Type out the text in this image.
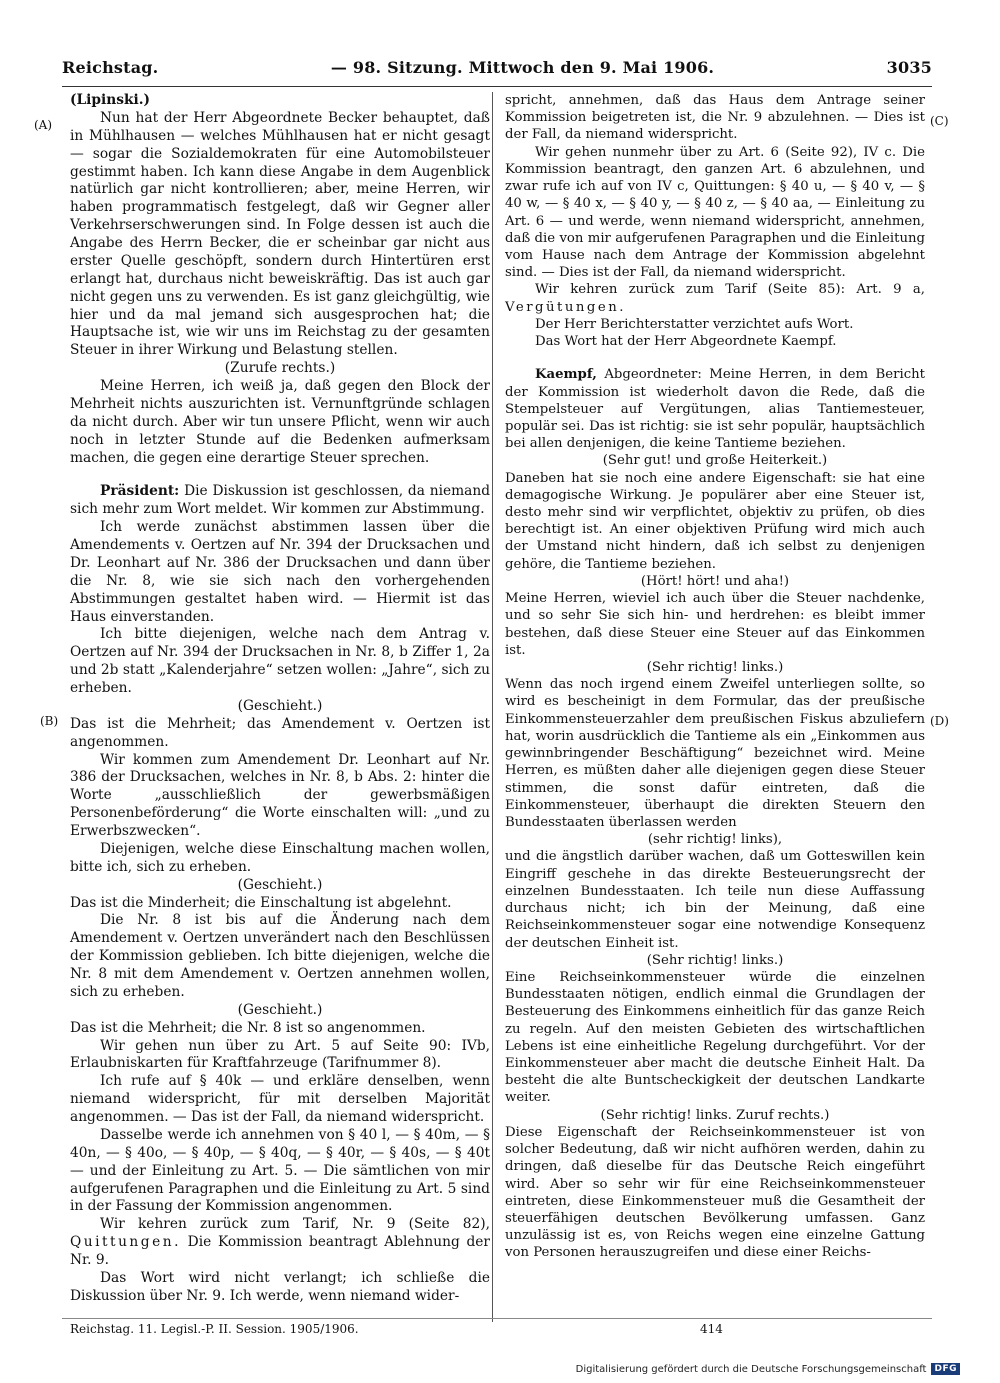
Reichstag.	— 98. Sitzung. Mittwoch den 9. Mai 1906.	3035
(A)
(B)
(C)
(D)

(Lipinski.)

Nun hat der Herr Abgeordnete Becker behauptet, daß in Mühlhausen — welches Mühlhausen hat er nicht gesagt — sogar die Sozialdemokraten für eine Automobilsteuer gestimmt haben. Ich kann diese Angabe in dem Augenblick natürlich gar nicht kontrollieren; aber, meine Herren, wir haben programmatisch festgelegt, daß wir Gegner aller Verkehrserschwerungen sind. In Folge dessen ist auch die Angabe des Herrn Becker, die er scheinbar gar nicht aus erster Quelle geschöpft, sondern durch Hintertüren erst erlangt hat, durchaus nicht beweiskräftig. Das ist auch gar nicht gegen uns zu verwenden. Es ist ganz gleichgültig, wie hier und da mal jemand sich ausgesprochen hat; die Hauptsache ist, wie wir uns im Reichstag zu der gesamten Steuer in ihrer Wirkung und Belastung stellen.

(Zurufe rechts.)

Meine Herren, ich weiß ja, daß gegen den Block der Mehrheit nichts auszurichten ist. Vernunftgründe schlagen da nicht durch. Aber wir tun unsere Pflicht, wenn wir auch noch in letzter Stunde auf die Bedenken aufmerksam machen, die gegen eine derartige Steuer sprechen.

Präsident: Die Diskussion ist geschlossen, da niemand sich mehr zum Wort meldet. Wir kommen zur Abstimmung.

Ich werde zunächst abstimmen lassen über die Amendements v. Oertzen auf Nr. 394 der Drucksachen und Dr. Leonhart auf Nr. 386 der Drucksachen und dann über die Nr. 8, wie sie sich nach den vorhergehenden Abstimmungen gestaltet haben wird. — Hiermit ist das Haus einverstanden.

Ich bitte diejenigen, welche nach dem Antrag v. Oertzen auf Nr. 394 der Drucksachen in Nr. 8, b Ziffer 1, 2a und 2b statt „Kalenderjahre“ setzen wollen: „Jahre“, sich zu erheben.

(Geschieht.)

Das ist die Mehrheit; das Amendement v. Oertzen ist angenommen.

Wir kommen zum Amendement Dr. Leonhart auf Nr. 386 der Drucksachen, welches in Nr. 8, b Abs. 2: hinter die Worte „ausschließlich der gewerbsmäßigen Personenbeförderung“ die Worte einschalten will: „und zu Erwerbszwecken“.

Diejenigen, welche diese Einschaltung machen wollen, bitte ich, sich zu erheben.

(Geschieht.)

Das ist die Minderheit; die Einschaltung ist abgelehnt.

Die Nr. 8 ist bis auf die Änderung nach dem Amendement v. Oertzen unverändert nach den Beschlüssen der Kommission geblieben. Ich bitte diejenigen, welche die Nr. 8 mit dem Amendement v. Oertzen annehmen wollen, sich zu erheben.

(Geschieht.)

Das ist die Mehrheit; die Nr. 8 ist so angenommen.

Wir gehen nun über zu Art. 5 auf Seite 90: IVb, Erlaubniskarten für Kraftfahrzeuge (Tarifnummer 8).

Ich rufe auf § 40k — und erkläre denselben, wenn niemand widerspricht, für mit derselben Majorität angenommen. — Das ist der Fall, da niemand widerspricht.

Dasselbe werde ich annehmen von § 40 l, — § 40m, — § 40n, — § 40o, — § 40p, — § 40q, — § 40r, — § 40s, — § 40t — und der Einleitung zu Art. 5. — Die sämtlichen von mir aufgerufenen Paragraphen und die Einleitung zu Art. 5 sind in der Fassung der Kommission angenommen.

Wir kehren zurück zum Tarif, Nr. 9 (Seite 82), Quittungen. Die Kommission beantragt Ablehnung der Nr. 9.

Das Wort wird nicht verlangt; ich schließe die Diskussion über Nr. 9. Ich werde, wenn niemand wider-

spricht, annehmen, daß das Haus dem Antrage seiner Kommission beigetreten ist, die Nr. 9 abzulehnen. — Dies ist der Fall, da niemand widerspricht.

Wir gehen nunmehr über zu Art. 6 (Seite 92), IV c. Die Kommission beantragt, den ganzen Art. 6 abzulehnen, und zwar rufe ich auf von IV c, Quittungen: § 40 u, — § 40 v, — § 40 w, — § 40 x, — § 40 y, — § 40 z, — § 40 aa, — Einleitung zu Art. 6 — und werde, wenn niemand widerspricht, annehmen, daß die von mir aufgerufenen Paragraphen und die Einleitung vom Hause nach dem Antrage der Kommission abgelehnt sind. — Dies ist der Fall, da niemand widerspricht.

Wir kehren zurück zum Tarif (Seite 85): Art. 9 a, Vergütungen.

Der Herr Berichterstatter verzichtet aufs Wort.

Das Wort hat der Herr Abgeordnete Kaempf.

Kaempf, Abgeordneter: Meine Herren, in dem Bericht der Kommission ist wiederholt davon die Rede, daß die Stempelsteuer auf Vergütungen, alias Tantiemesteuer, populär sei. Das ist richtig: sie ist sehr populär, hauptsächlich bei allen denjenigen, die keine Tantieme beziehen.

(Sehr gut! und große Heiterkeit.)

Daneben hat sie noch eine andere Eigenschaft: sie hat eine demagogische Wirkung. Je populärer aber eine Steuer ist, desto mehr sind wir verpflichtet, objektiv zu prüfen, ob dies berechtigt ist. An einer objektiven Prüfung wird mich auch der Umstand nicht hindern, daß ich selbst zu denjenigen gehöre, die Tantieme beziehen.

(Hört! hört! und aha!)

Meine Herren, wieviel ich auch über die Steuer nachdenke, und so sehr Sie sich hin- und herdrehen: es bleibt immer bestehen, daß diese Steuer eine Steuer auf das Einkommen ist.

(Sehr richtig! links.)

Wenn das noch irgend einem Zweifel unterliegen sollte, so wird es bescheinigt in dem Formular, das der preußische Einkommensteuerzahler dem preußischen Fiskus abzuliefern hat, worin ausdrücklich die Tantieme als ein „Einkommen aus gewinnbringender Beschäftigung“ bezeichnet wird. Meine Herren, es müßten daher alle diejenigen gegen diese Steuer stimmen, die sonst dafür eintreten, daß die Einkommensteuer, überhaupt die direkten Steuern den Bundesstaaten überlassen werden

(sehr richtig! links),

und die ängstlich darüber wachen, daß um Gotteswillen kein Eingriff geschehe in das direkte Besteuerungsrecht der einzelnen Bundesstaaten. Ich teile nun diese Auffassung durchaus nicht; ich bin der Meinung, daß eine Reichseinkommensteuer sogar eine notwendige Konsequenz der deutschen Einheit ist.

(Sehr richtig! links.)

Eine Reichseinkommensteuer würde die einzelnen Bundesstaaten nötigen, endlich einmal die Grundlagen der Besteuerung des Einkommens einheitlich für das ganze Reich zu regeln. Auf den meisten Gebieten des wirtschaftlichen Lebens ist eine einheitliche Regelung durchgeführt. Vor der Einkommensteuer aber macht die deutsche Einheit Halt. Da besteht die alte Buntscheckigkeit der deutschen Landkarte weiter.

(Sehr richtig! links. Zuruf rechts.)

Diese Eigenschaft der Reichseinkommensteuer ist von solcher Bedeutung, daß wir nicht aufhören werden, dahin zu dringen, daß dieselbe für das Deutsche Reich eingeführt wird. Aber so sehr wir für eine Reichseinkommensteuer eintreten, diese Einkommensteuer muß die Gesamtheit der steuerfähigen deutschen Bevölkerung umfassen. Ganz unzulässig ist es, von Reichs wegen eine einzelne Gattung von Personen herauszugreifen und diese einer Reichs-

Reichstag. 11. Legisl.-P. II. Session. 1905/1906.	414
Digitalisierung gefördert durch die Deutsche Forschungsgemeinschaft DFG
